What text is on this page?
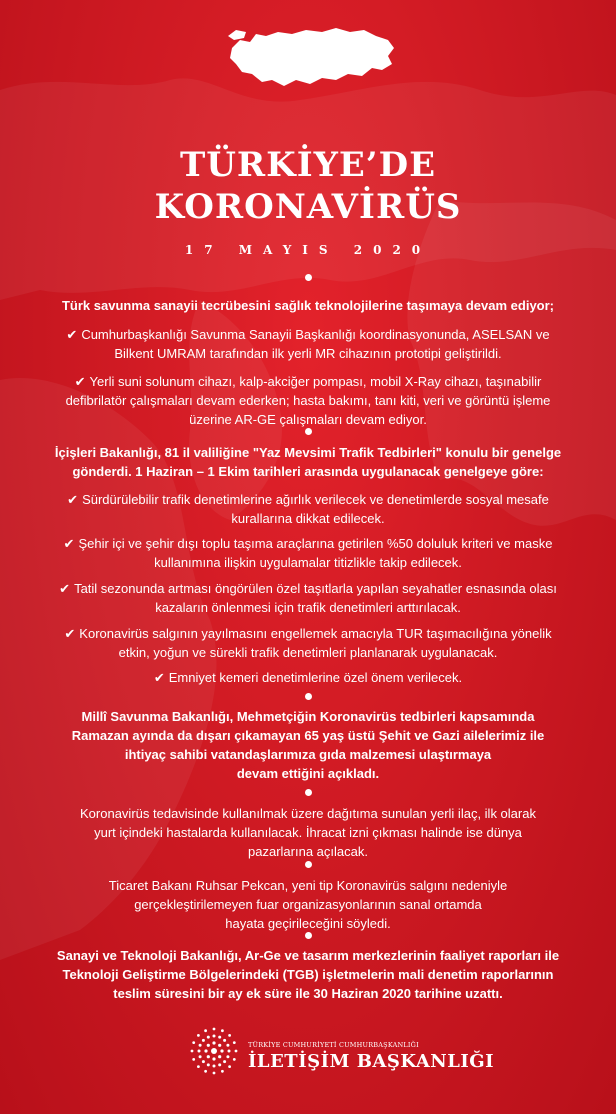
TÜRKİYE’DE
KORONAVİRÜS
17 MAYIS 2020
Türk savunma sanayii tecrübesini sağlık teknolojilerine taşımaya devam ediyor;
✔ Cumhurbaşkanlığı Savunma Sanayii Başkanlığı koordinasyonunda, ASELSAN ve
Bilkent UMRAM tarafından ilk yerli MR cihazının prototipi geliştirildi.
✔ Yerli suni solunum cihazı, kalp-akciğer pompası, mobil X-Ray cihazı, taşınabilir
defibrilatör çalışmaları devam ederken; hasta bakımı, tanı kiti, veri ve görüntü işleme
üzerine AR-GE çalışmaları devam ediyor.
İçişleri Bakanlığı, 81 il valiliğine "Yaz Mevsimi Trafik Tedbirleri" konulu bir genelge
gönderdi. 1 Haziran – 1 Ekim tarihleri arasında uygulanacak genelgeye göre:
✔ Sürdürülebilir trafik denetimlerine ağırlık verilecek ve denetimlerde sosyal mesafe
kurallarına dikkat edilecek.
✔ Şehir içi ve şehir dışı toplu taşıma araçlarına getirilen %50 doluluk kriteri ve maske
kullanımına ilişkin uygulamalar titizlikle takip edilecek.
✔ Tatil sezonunda artması öngörülen özel taşıtlarla yapılan seyahatler esnasında olası
kazaların önlenmesi için trafik denetimleri arttırılacak.
✔ Koronavirüs salgının yayılmasını engellemek amacıyla TUR taşımacılığına yönelik
etkin, yoğun ve sürekli trafik denetimleri planlanarak uygulanacak.
✔ Emniyet kemeri denetimlerine özel önem verilecek.
Millî Savunma Bakanlığı, Mehmetçiğin Koronavirüs tedbirleri kapsamında
Ramazan ayında da dışarı çıkamayan 65 yaş üstü Şehit ve Gazi ailelerimiz ile
ihtiyaç sahibi vatandaşlarımıza gıda malzemesi ulaştırmaya
devam ettiğini açıkladı.
Koronavirüs tedavisinde kullanılmak üzere dağıtıma sunulan yerli ilaç, ilk olarak
yurt içindeki hastalarda kullanılacak. İhracat izni çıkması halinde ise dünya
pazarlarına açılacak.
Ticaret Bakanı Ruhsar Pekcan, yeni tip Koronavirüs salgını nedeniyle
gerçekleştirilemeyen fuar organizasyonlarının sanal ortamda
hayata geçirileceğini söyledi.
Sanayi ve Teknoloji Bakanlığı, Ar-Ge ve tasarım merkezlerinin faaliyet raporları ile
Teknoloji Geliştirme Bölgelerindeki (TGB) işletmelerin mali denetim raporlarının
teslim süresini bir ay ek süre ile 30 Haziran 2020 tarihine uzattı.
TÜRKİYE CUMHURİYETİ CUMHURBAŞKANLIĞI
İLETİŞİM BAŞKANLIĞI
